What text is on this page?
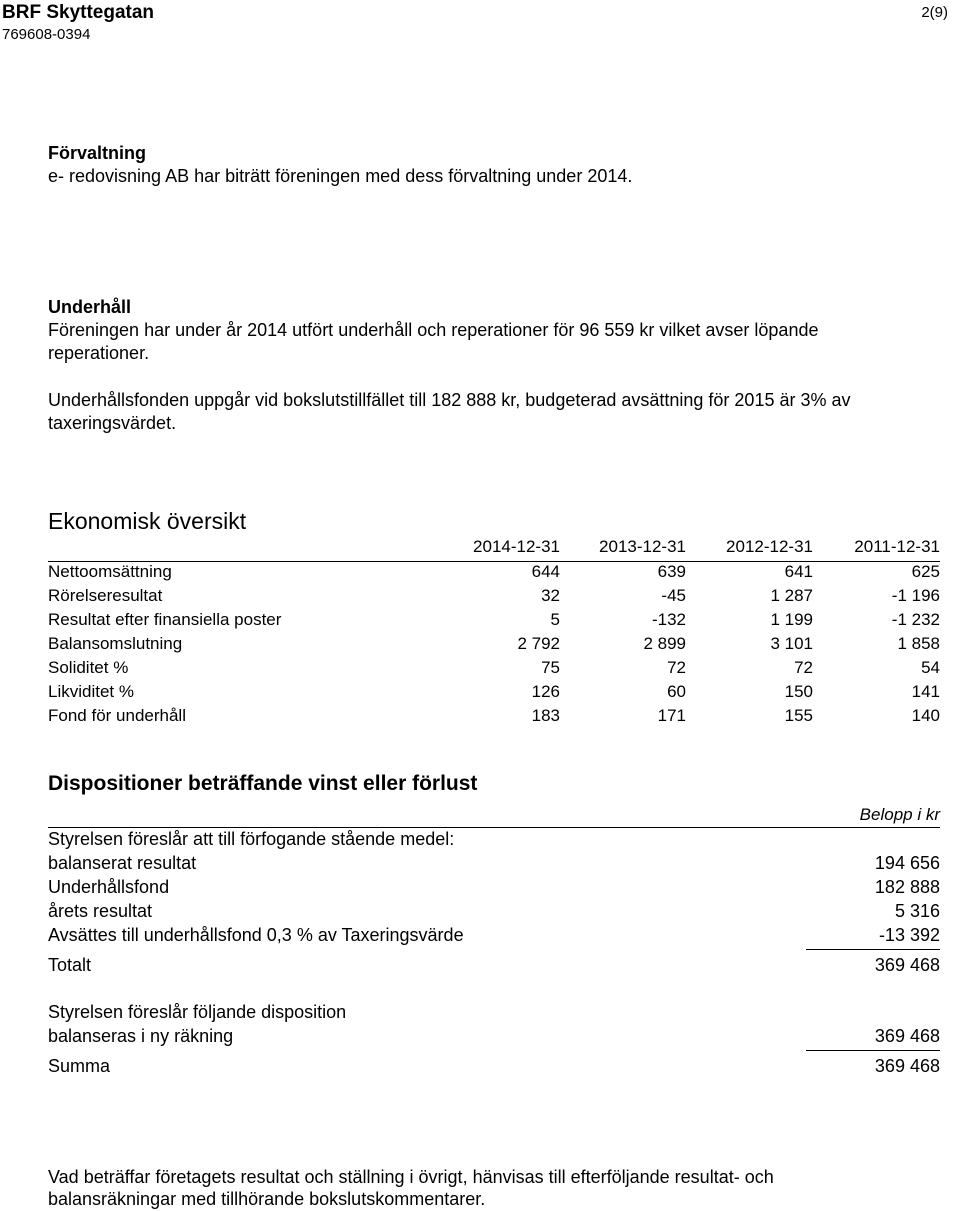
BRF Skyttegatan
769608-0394
2(9)
Förvaltning
e- redovisning AB har biträtt föreningen med dess förvaltning under 2014.
Underhåll
Föreningen har under år 2014 utfört underhåll och reperationer för 96 559 kr vilket avser löpande
reperationer.
Underhållsfonden uppgår vid bokslutstillfället till 182 888 kr, budgeterad avsättning för 2015 är 3% av
taxeringsvärdet.
Ekonomisk översikt
2014-12-31 2013-12-31 2012-12-31 2011-12-31
Nettoomsättning	644	639	641	625
Rörelseresultat	32	-45	1 287	-1 196
Resultat efter finansiella poster	5	-132	1 199	-1 232
Balansomslutning	2 792	2 899	3 101	1 858
Soliditet %	75	72	72	54
Likviditet %	126	60	150	141
Fond för underhåll	183	171	155	140
Dispositioner beträffande vinst eller förlust
Belopp i kr
Styrelsen föreslår att till förfogande stående medel:
balanserat resultat	194 656
Underhållsfond	182 888
årets resultat	5 316
Avsättes till underhållsfond 0,3 % av Taxeringsvärde	-13 392
Totalt	369 468
Styrelsen föreslår följande disposition
balanseras i ny räkning	369 468
Summa	369 468
Vad beträffar företagets resultat och ställning i övrigt, hänvisas till efterföljande resultat- och
balansräkningar med tillhörande bokslutskommentarer.
